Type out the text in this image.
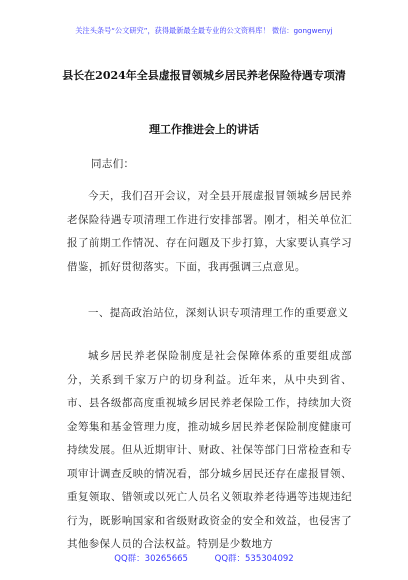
关注头条号“公文研究”，获得最新最全最专业的公文资料库！ 微信：gongwenyj
县长在2024年全县虚报冒领城乡居民养老保险待遇专项清
理工作推进会上的讲话
同志们：
今天，我们召开会议，对全县开展虚报冒领城乡居民养老保险待遇专项清理工作进行安排部署。刚才，相关单位汇报了前期工作情况、存在问题及下步打算，大家要认真学习借鉴，抓好贯彻落实。下面，我再强调三点意见。
一、提高政治站位，深刻认识专项清理工作的重要意义
城乡居民养老保险制度是社会保障体系的重要组成部分，关系到千家万户的切身利益。近年来，从中央到省、市、县各级都高度重视城乡居民养老保险工作，持续加大资金筹集和基金管理力度，推动城乡居民养老保险制度健康可持续发展。但从近期审计、财政、社保等部门日常检查和专项审计调查反映的情况看，部分城乡居民还存在虚报冒领、重复领取、错领或以死亡人员名义领取养老待遇等违规违纪行为，既影响国家和省级财政资金的安全和效益，也侵害了其他参保人员的合法权益。特别是少数地方
QQ群：30265665	QQ群：535304092
